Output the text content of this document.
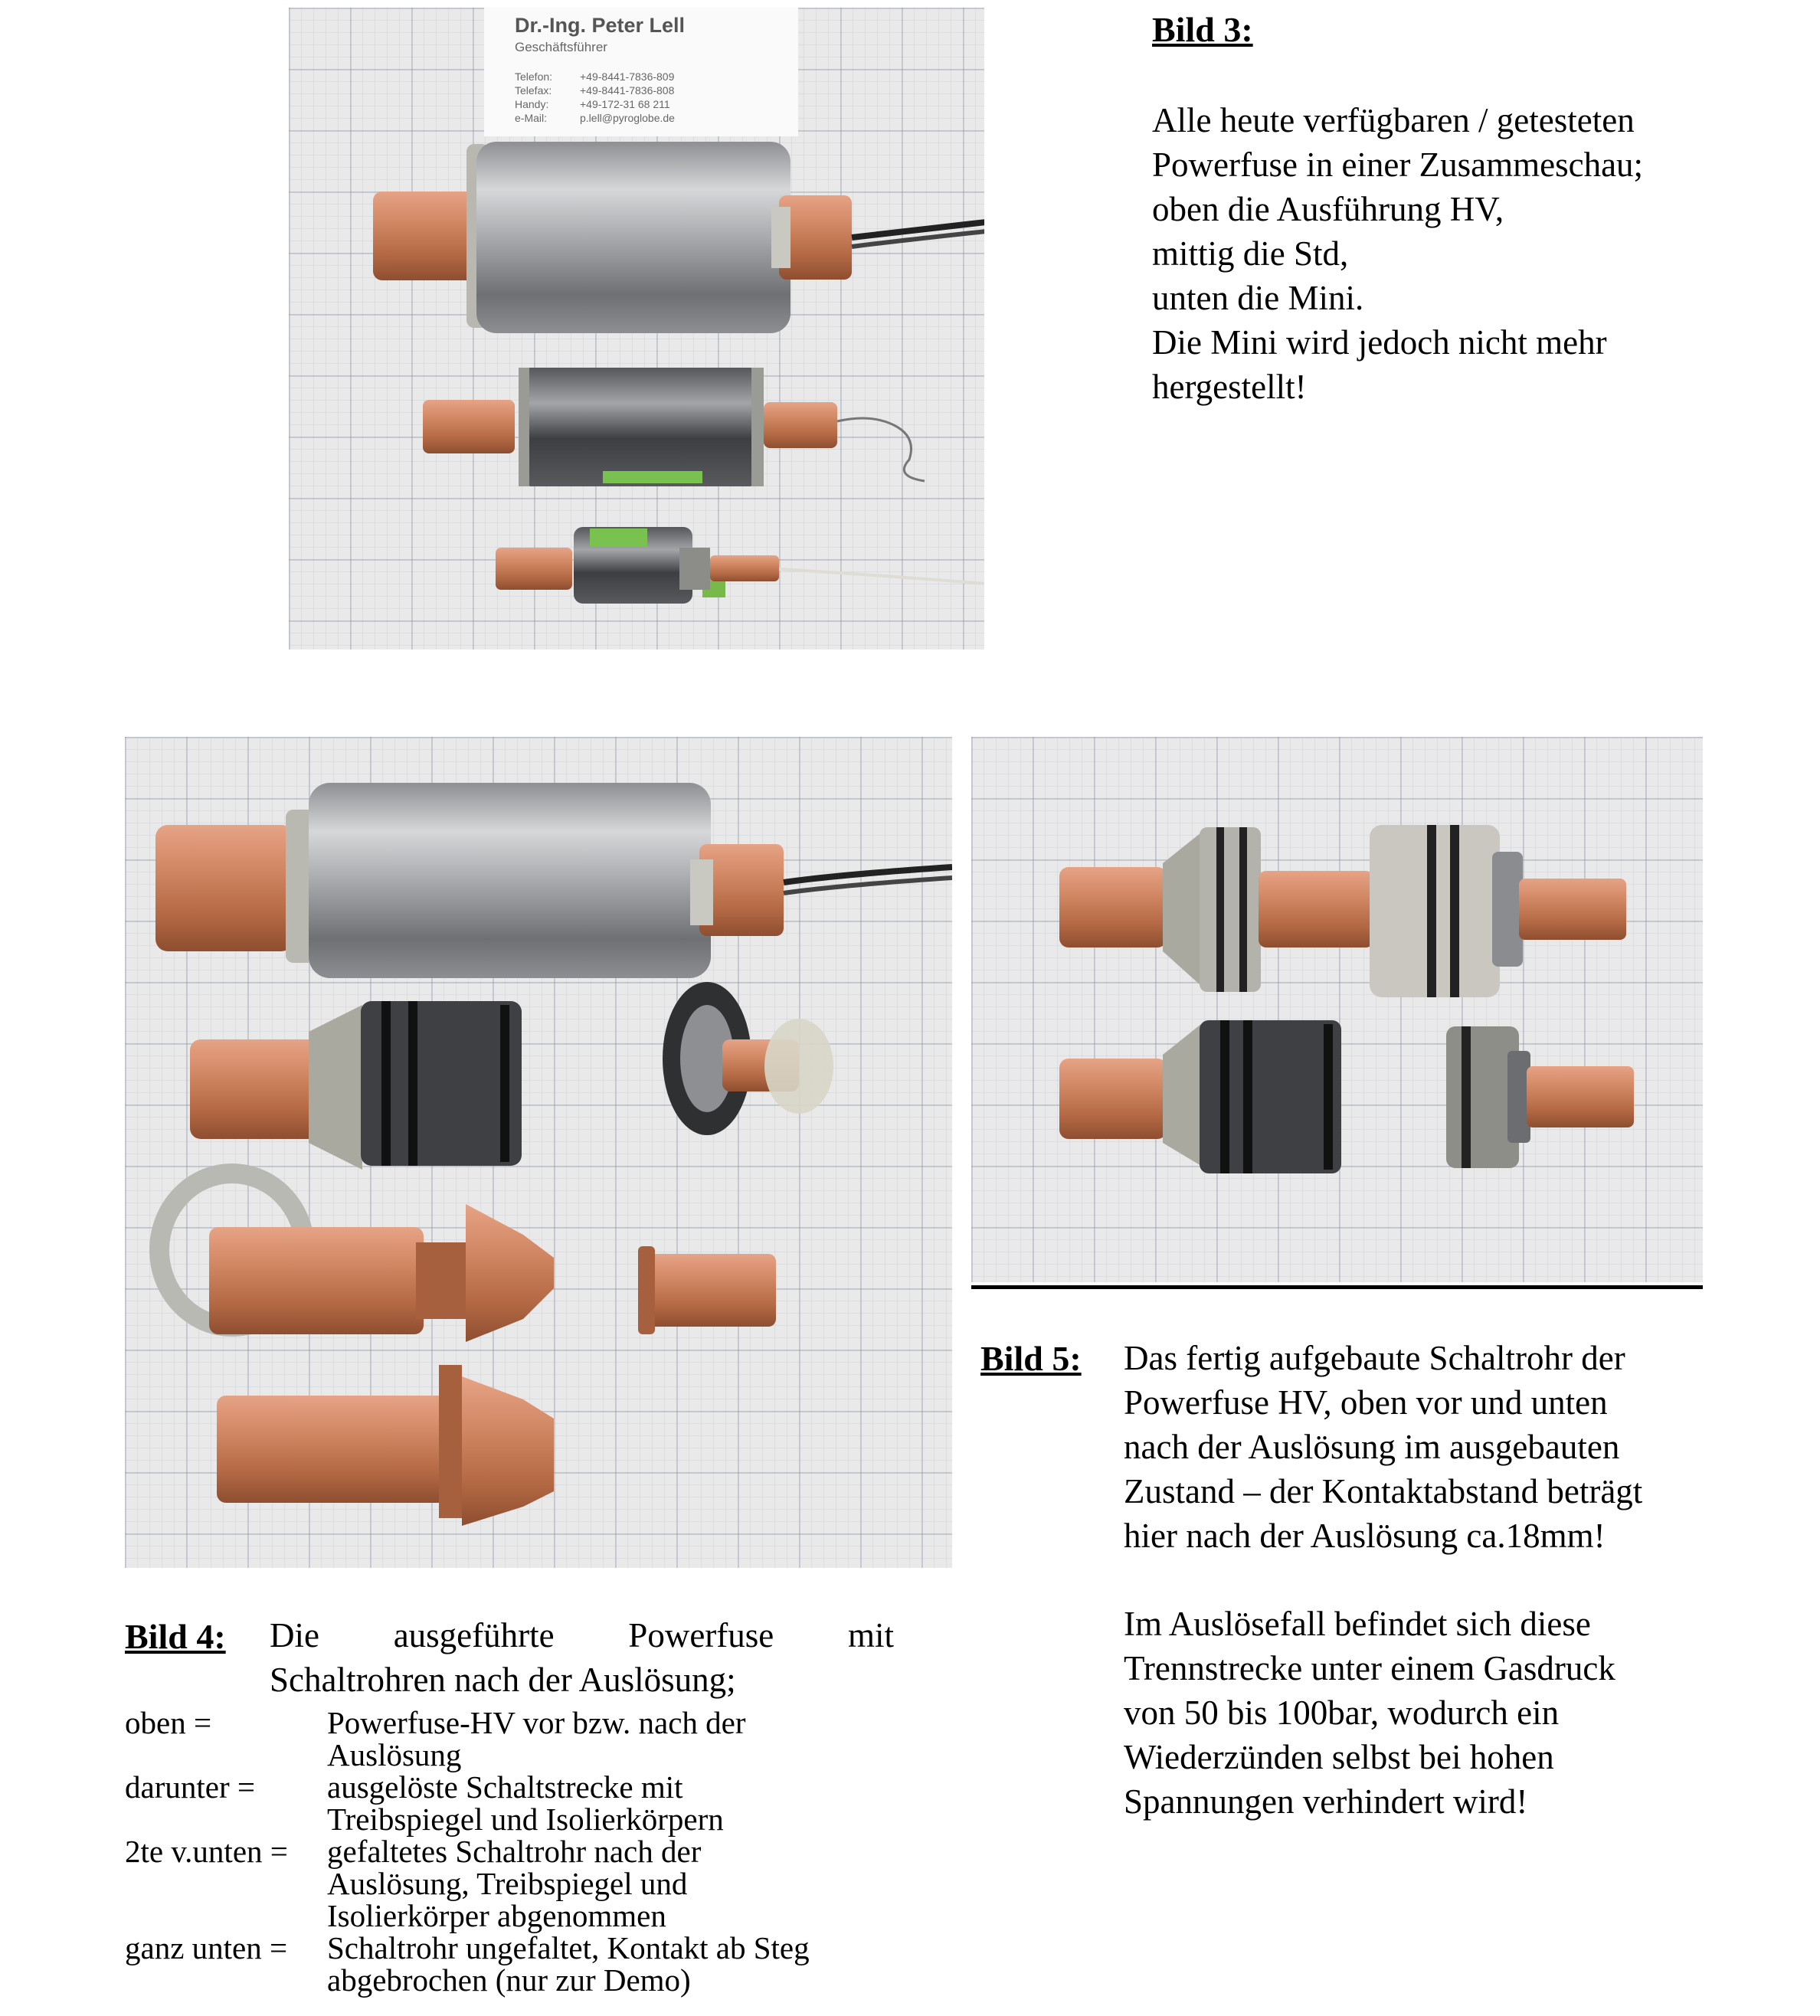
Dr.-Ing. Peter Lell
Geschäftsführer
Telefon:	+49-8441-7836-809
Telefax:	+49-8441-7836-808
Handy:	+49-172-31 68 211
e-Mail:	p.lell@pyroglobe.de
Bild 3:
Alle heute verfügbaren / getesteten
Powerfuse in einer Zusammeschau;
oben die Ausführung HV,
mittig die Std,
unten die Mini.
Die Mini wird jedoch nicht mehr
hergestellt!
Bild 5: Das fertig aufgebaute Schaltrohr der
Powerfuse HV, oben vor und unten
nach der Auslösung im ausgebauten
Zustand – der Kontaktabstand beträgt
hier nach der Auslösung ca.18mm!
Im Auslösefall befindet sich diese
Trennstrecke unter einem Gasdruck
von 50 bis 100bar, wodurch ein
Wiederzünden selbst bei hohen
Spannungen verhindert wird!
Bild 4: Die ausgeführte Powerfuse mit
Schaltrohren nach der Auslösung;
oben =	Powerfuse-HV vor bzw. nach der
Auslösung
darunter = ausgelöste Schaltstrecke mit
Treibspiegel und Isolierkörpern
2te v.unten = gefaltetes Schaltrohr nach der
Auslösung, Treibspiegel und
Isolierkörper abgenommen
ganz unten = Schaltrohr ungefaltet, Kontakt ab Steg
abgebrochen (nur zur Demo)
